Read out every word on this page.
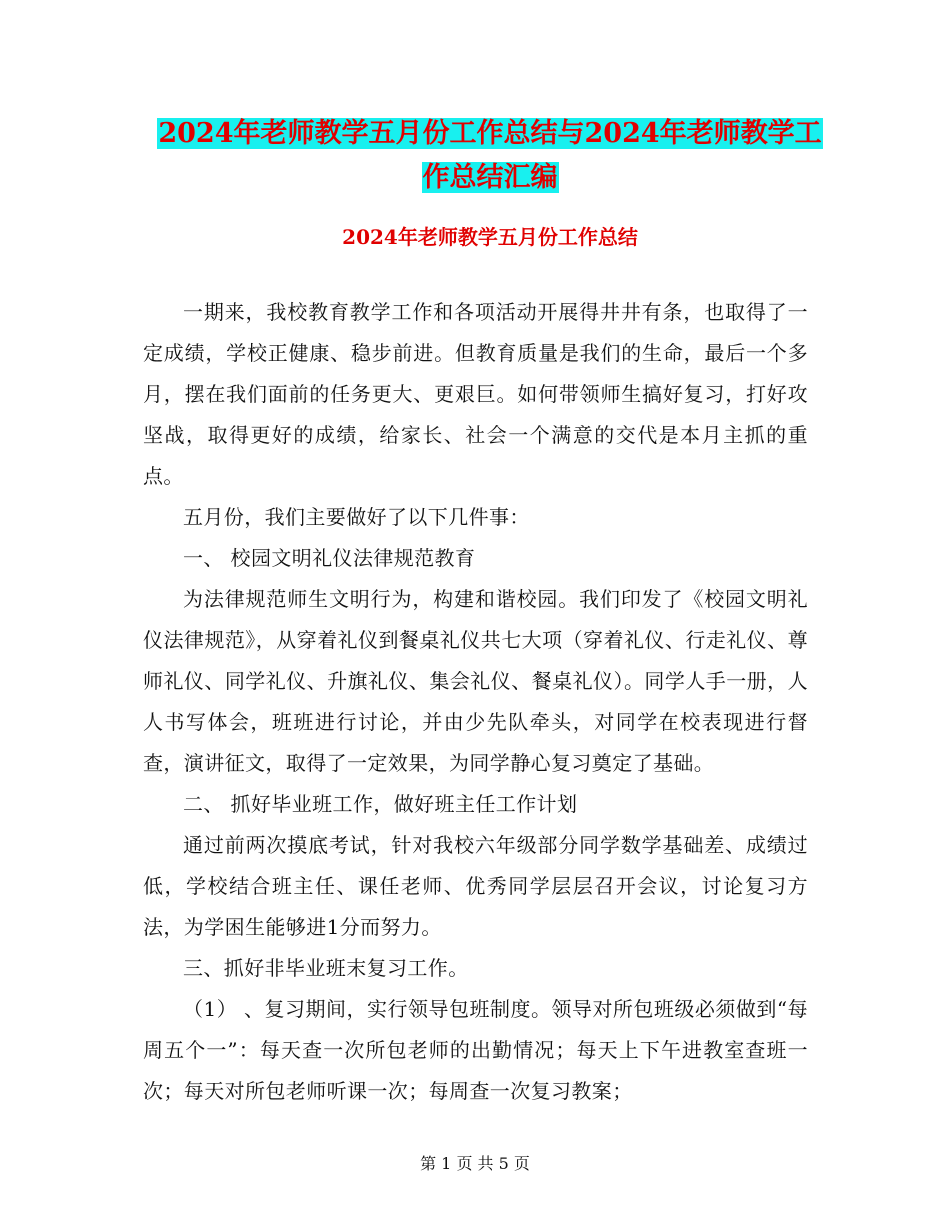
2024年老师教学五月份工作总结与2024年老师教学工
作总结汇编
2024年老师教学五月份工作总结

一期来，我校教育教学工作和各项活动开展得井井有条，也取得了一定成绩，学校正健康、稳步前进。但教育质量是我们的生命，最后一个多月，摆在我们面前的任务更大、更艰巨。如何带领师生搞好复习，打好攻坚战，取得更好的成绩，给家长、社会一个满意的交代是本月主抓的重点。

五月份，我们主要做好了以下几件事：

一、 校园文明礼仪法律规范教育

为法律规范师生文明行为，构建和谐校园。我们印发了《校园文明礼仪法律规范》，从穿着礼仪到餐桌礼仪共七大项（穿着礼仪、行走礼仪、尊师礼仪、同学礼仪、升旗礼仪、集会礼仪、餐桌礼仪）。同学人手一册，人人书写体会，班班进行讨论，并由少先队牵头，对同学在校表现进行督查，演讲征文，取得了一定效果，为同学静心复习奠定了基础。

二、 抓好毕业班工作，做好班主任工作计划

通过前两次摸底考试，针对我校六年级部分同学数学基础差、成绩过低，学校结合班主任、课任老师、优秀同学层层召开会议，讨论复习方法，为学困生能够进1分而努力。

三、抓好非毕业班末复习工作。

（1） 、复习期间，实行领导包班制度。领导对所包班级必须做到“每周五个一”：每天查一次所包老师的出勤情况；每天上下午进教室查班一次；每天对所包老师听课一次；每周查一次复习教案；

第 1 页 共 5 页
